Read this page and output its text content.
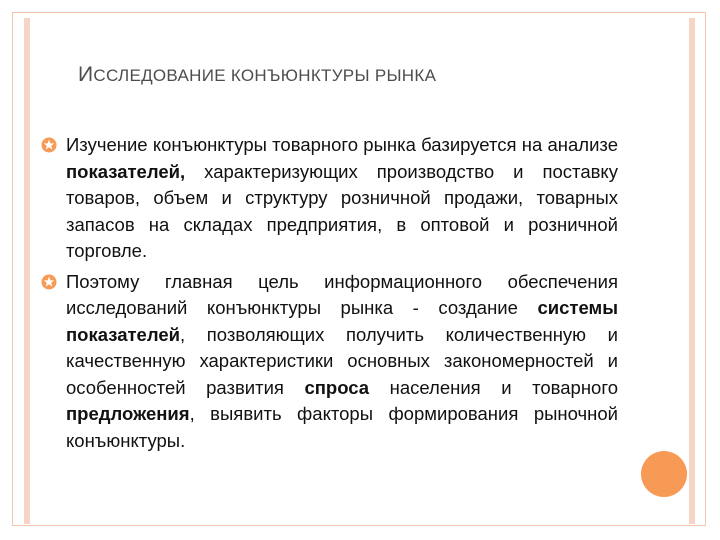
ИССЛЕДОВАНИЕ КОНЪЮНКТУРЫ РЫНКА
Изучение конъюнктуры товарного рынка базируется на анализе показателей, характеризующих производство и поставку товаров, объем и структуру розничной продажи, товарных запасов на складах предприятия, в оптовой и розничной торговле.
Поэтому главная цель информационного обеспечения исследований конъюнктуры рынка - создание системы показателей, позволяющих получить количественную и качественную характеристики основных закономерностей и особенностей развития спроса населения и товарного предложения, выявить факторы формирования рыночной конъюнктуры.
